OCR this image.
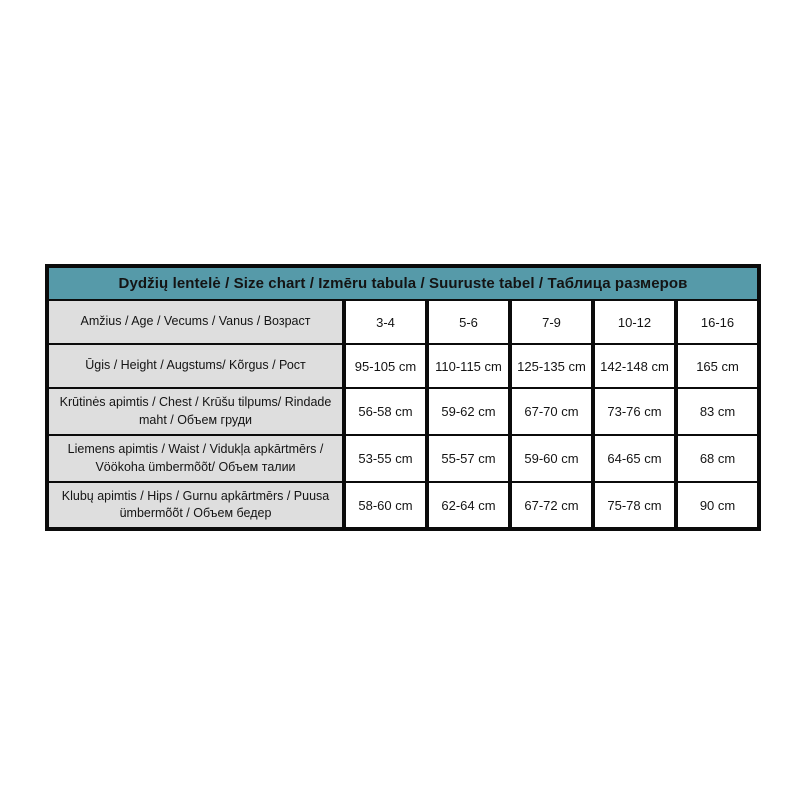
Dydžių lentelė / Size chart / Izmēru tabula / Suuruste tabel / Таблица размеров					
Amžius / Age / Vecums / Vanus / Возраст	3-4	5-6	7-9	10-12	16-16
Ūgis / Height / Augstums/ Kõrgus / Рост	95-105 cm	110-115 cm	125-135 cm	142-148 cm	165 cm
Krūtinės apimtis / Chest / Krūšu tilpums/ Rindade maht / Объем груди	56-58 cm	59-62 cm	67-70 cm	73-76 cm	83 cm
Liemens apimtis / Waist / Vidukļa apkārtmērs / Vöökoha ümbermõõt/ Объем талии	53-55 cm	55-57 cm	59-60 cm	64-65 cm	68 cm
Klubų apimtis / Hips / Gurnu apkārtmērs / Puusa ümbermõõt / Объем бедер	58-60 cm	62-64 cm	67-72 cm	75-78 cm	90 cm
